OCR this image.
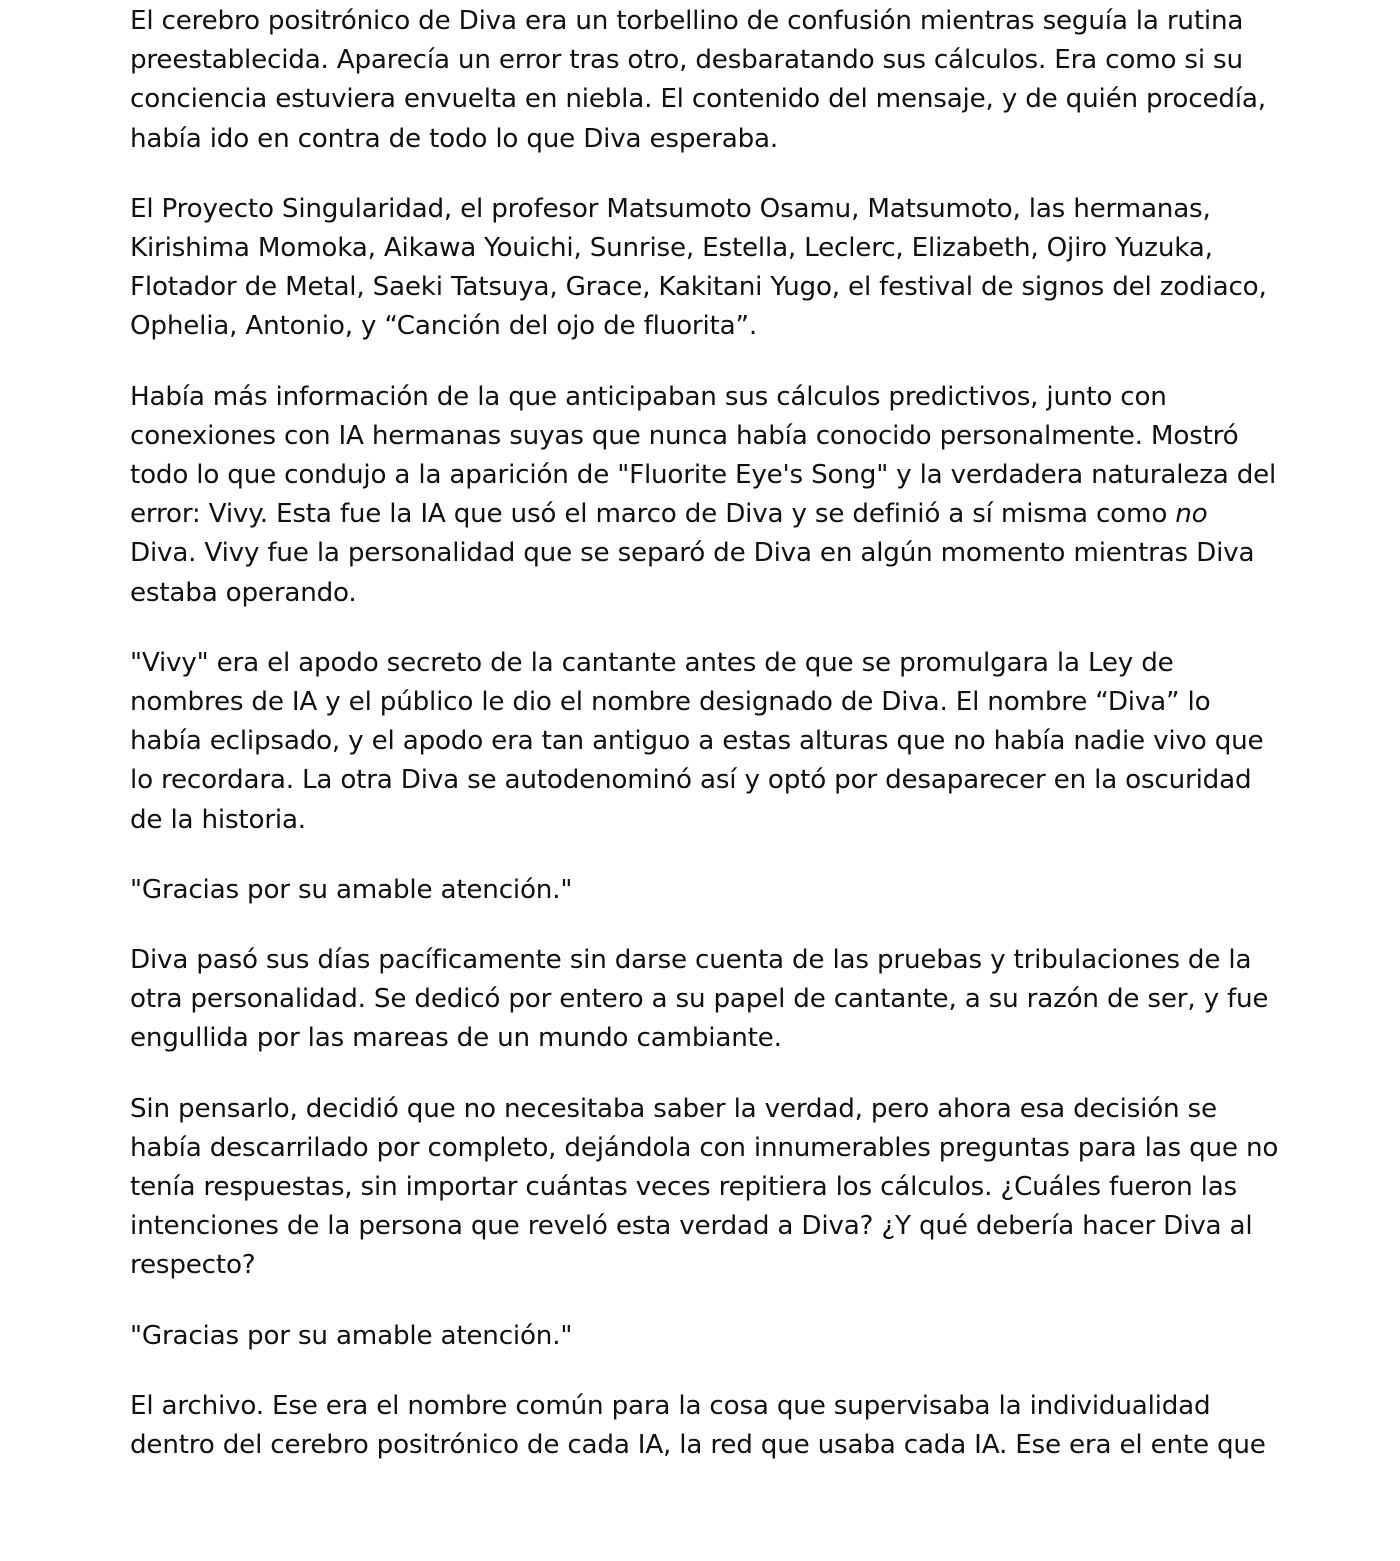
El cerebro positrónico de Diva era un torbellino de confusión mientras seguía la rutina preestablecida. Aparecía un error tras otro, desbaratando sus cálculos. Era como si su conciencia estuviera envuelta en niebla. El contenido del mensaje, y de quién procedía, había ido en contra de todo lo que Diva esperaba.

El Proyecto Singularidad, el profesor Matsumoto Osamu, Matsumoto, las hermanas, Kirishima Momoka, Aikawa Youichi, Sunrise, Estella, Leclerc, Elizabeth, Ojiro Yuzuka, Flotador de Metal, Saeki Tatsuya, Grace, Kakitani Yugo, el festival de signos del zodiaco, Ophelia, Antonio, y “Canción del ojo de fluorita”.

Había más información de la que anticipaban sus cálculos predictivos, junto con conexiones con IA hermanas suyas que nunca había conocido personalmente. Mostró todo lo que condujo a la aparición de "Fluorite Eye's Song" y la verdadera naturaleza del error: Vivy. Esta fue la IA que usó el marco de Diva y se definió a sí misma como no Diva. Vivy fue la personalidad que se separó de Diva en algún momento mientras Diva estaba operando.

"Vivy" era el apodo secreto de la cantante antes de que se promulgara la Ley de nombres de IA y el público le dio el nombre designado de Diva. El nombre “Diva” lo había eclipsado, y el apodo era tan antiguo a estas alturas que no había nadie vivo que lo recordara. La otra Diva se autodenominó así y optó por desaparecer en la oscuridad de la historia.

"Gracias por su amable atención."

Diva pasó sus días pacíficamente sin darse cuenta de las pruebas y tribulaciones de la otra personalidad. Se dedicó por entero a su papel de cantante, a su razón de ser, y fue engullida por las mareas de un mundo cambiante.

Sin pensarlo, decidió que no necesitaba saber la verdad, pero ahora esa decisión se había descarrilado por completo, dejándola con innumerables preguntas para las que no tenía respuestas, sin importar cuántas veces repitiera los cálculos. ¿Cuáles fueron las intenciones de la persona que reveló esta verdad a Diva? ¿Y qué debería hacer Diva al respecto?

"Gracias por su amable atención."

El archivo. Ese era el nombre común para la cosa que supervisaba la individualidad dentro del cerebro positrónico de cada IA, la red que usaba cada IA. Ese era el ente que
